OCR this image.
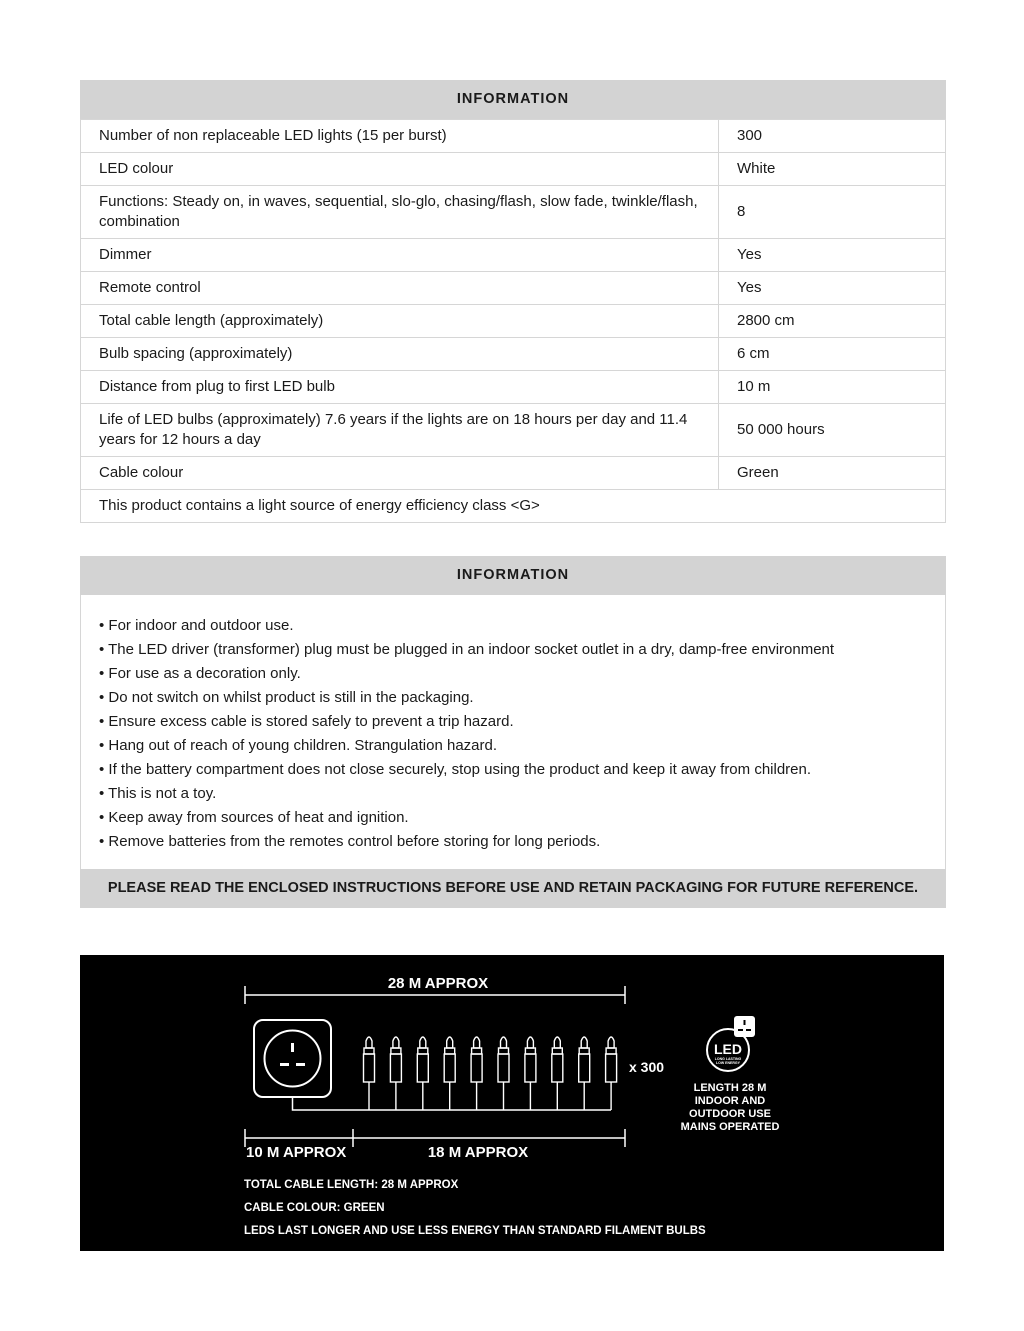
INFORMATION
Number of non replaceable LED lights (15 per burst)	300
LED colour	White
Functions: Steady on, in waves, sequential, slo-glo, chasing/flash, slow fade, twinkle/flash, combination	8
Dimmer	Yes
Remote control	Yes
Total cable length (approximately)	2800 cm
Bulb spacing (approximately)	6 cm
Distance from plug to first LED bulb	10 m
Life of LED bulbs (approximately) 7.6 years if the lights are on 18 hours per day and 11.4 years for 12 hours a day	50 000 hours
Cable colour	Green
This product contains a light source of energy efficiency class <G>	
INFORMATION
• For indoor and outdoor use.
• The LED driver (transformer) plug must be plugged in an indoor socket outlet in a dry, damp-free environment
• For use as a decoration only.
• Do not switch on whilst product is still in the packaging.
• Ensure excess cable is stored safely to prevent a trip hazard.
• Hang out of reach of young children. Strangulation hazard.
• If the battery compartment does not close securely, stop using the product and keep it away from children.
• This is not a toy.
• Keep away from sources of heat and ignition.
• Remove batteries from the remotes control before storing for long periods.
PLEASE READ THE ENCLOSED INSTRUCTIONS BEFORE USE AND RETAIN PACKAGING FOR FUTURE REFERENCE.
28 M APPROX
x 300
LED
LONG LASTING
LOW ENERGY
LENGTH 28 M
INDOOR AND
OUTDOOR USE
MAINS OPERATED
10 M APPROX	18 M APPROX
TOTAL CABLE LENGTH: 28 M APPROX
CABLE COLOUR: GREEN
LEDS LAST LONGER AND USE LESS ENERGY THAN STANDARD FILAMENT BULBS
